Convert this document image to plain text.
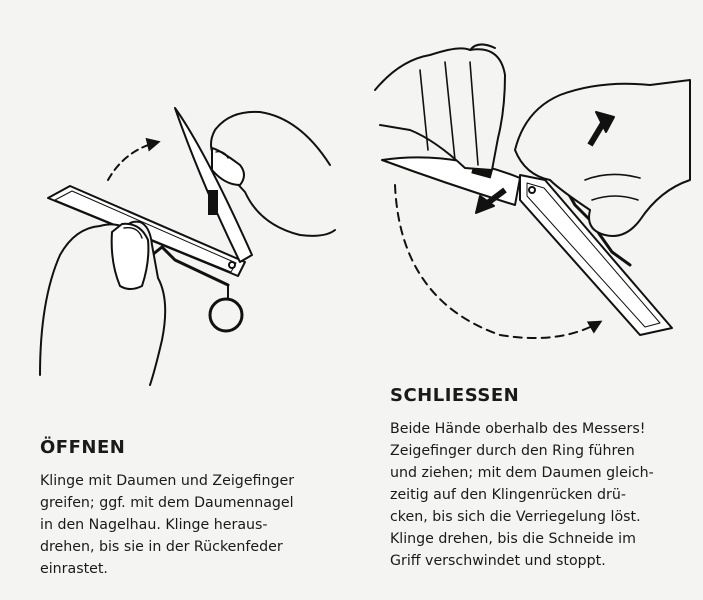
ÖFFNEN

Klinge mit Daumen und Zeigefinger
greifen; ggf. mit dem Daumennagel
in den Nagelhau. Klinge heraus-
drehen, bis sie in der Rückenfeder
einrastet.

SCHLIESSEN

Beide Hände oberhalb des Messers!
Zeigefinger durch den Ring führen
und ziehen; mit dem Daumen gleich-
zeitig auf den Klingenrücken drü-
cken, bis sich die Verriegelung löst.
Klinge drehen, bis die Schneide im
Griff verschwindet und stoppt.
